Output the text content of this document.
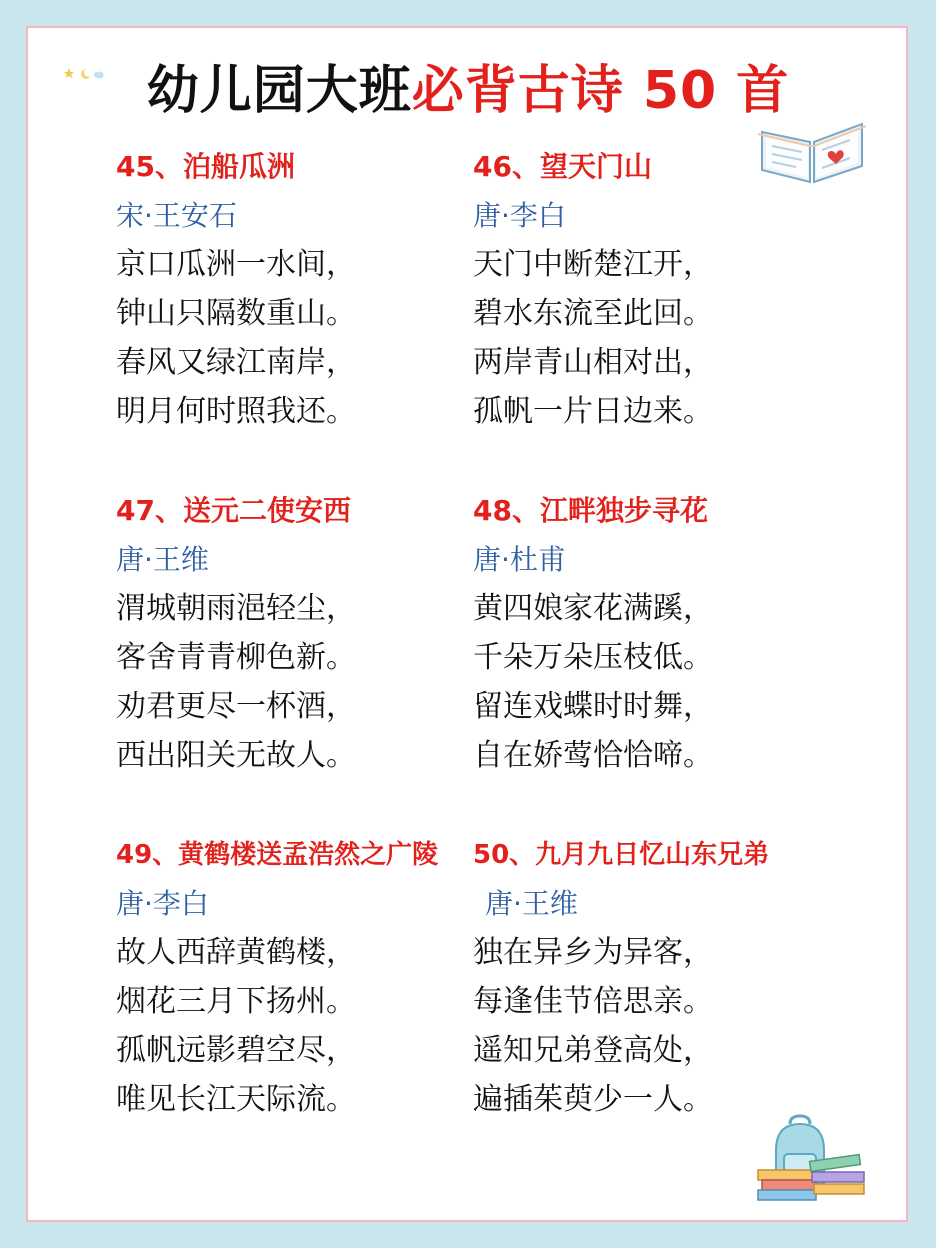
幼儿园大班必背古诗 50 首
45、泊船瓜洲
宋·王安石
京口瓜洲一水间，
钟山只隔数重山。
春风又绿江南岸，
明月何时照我还。
46、望天门山
唐·李白
天门中断楚江开，
碧水东流至此回。
两岸青山相对出，
孤帆一片日边来。
47、送元二使安西
唐·王维
渭城朝雨浥轻尘，
客舍青青柳色新。
劝君更尽一杯酒，
西出阳关无故人。
48、江畔独步寻花
唐·杜甫
黄四娘家花满蹊，
千朵万朵压枝低。
留连戏蝶时时舞，
自在娇莺恰恰啼。
49、黄鹤楼送孟浩然之广陵
唐·李白
故人西辞黄鹤楼，
烟花三月下扬州。
孤帆远影碧空尽，
唯见长江天际流。
50、九月九日忆山东兄弟
唐·王维
独在异乡为异客，
每逢佳节倍思亲。
遥知兄弟登高处，
遍插茱萸少一人。
